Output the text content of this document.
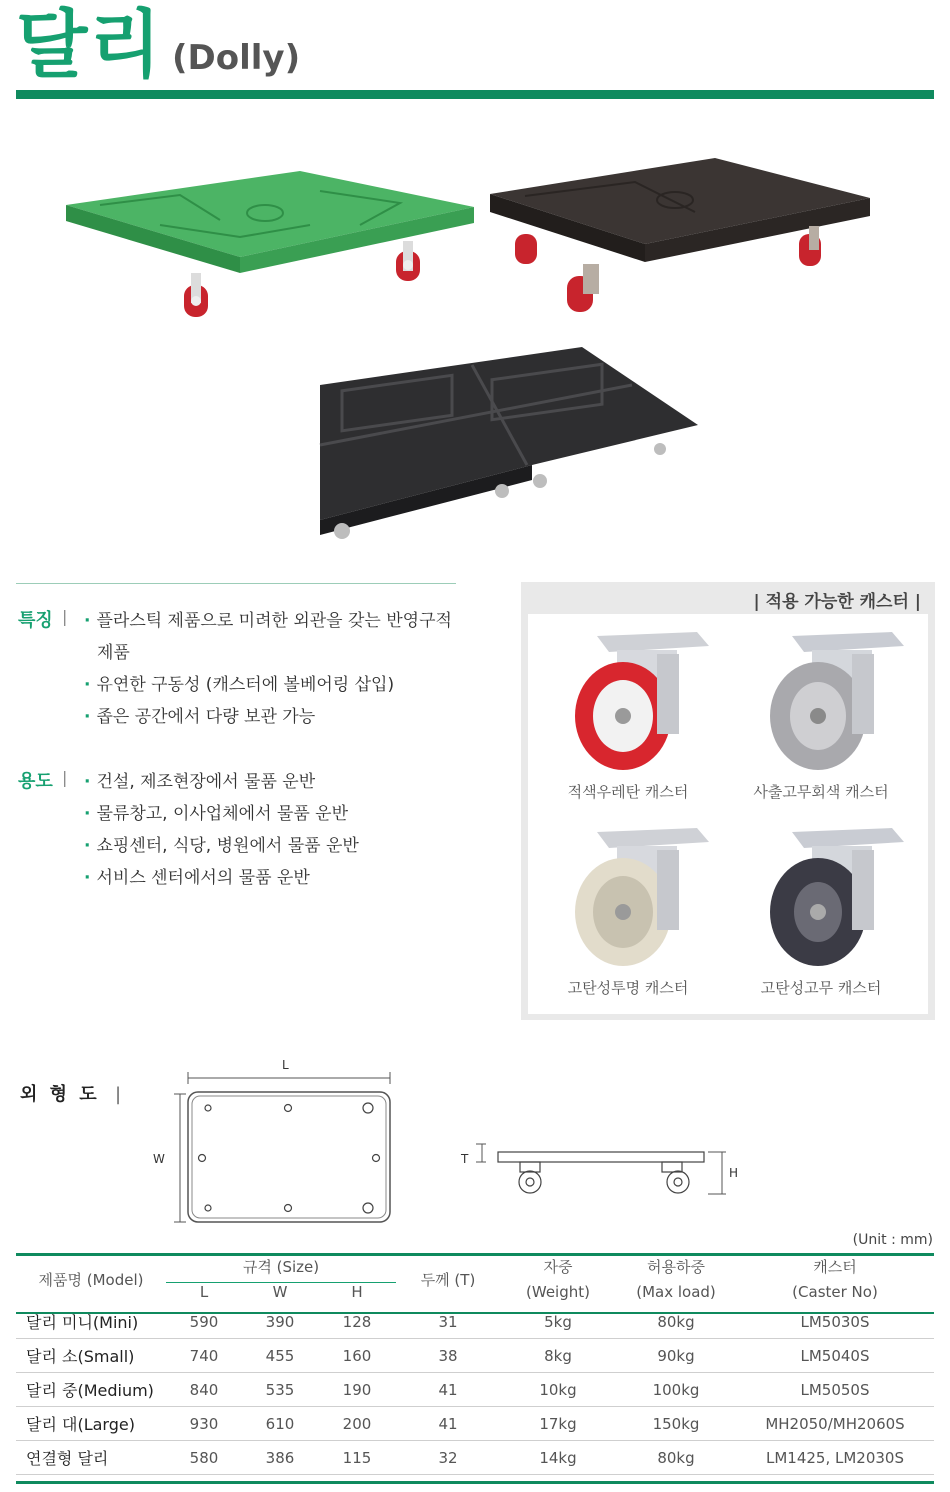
달리 (Dolly)
특징 | · 플라스틱 제품으로 미려한 외관을 갖는 반영구적
제품
· 유연한 구동성 (캐스터에 볼베어링 삽입)
· 좁은 공간에서 다량 보관 가능
용도 | · 건설, 제조현장에서 물품 운반
· 물류창고, 이사업체에서 물품 운반
· 쇼핑센터, 식당, 병원에서 물품 운반
· 서비스 센터에서의 물품 운반
| 적용 가능한 캐스터 |
적색우레탄 캐스터	사출고무회색 캐스터
고탄성투명 캐스터	고탄성고무 캐스터
외 형 도 |
L
W	T
H
(Unit : mm)
제품명 (Model)	규격 (Size)			두께 (T)	자중	허용하중	캐스터
	L	W	H		(Weight)	(Max load)	(Caster No)
달리 미니(Mini)	590	390	128	31	5kg	80kg	LM5030S
달리 소(Small)	740	455	160	38	8kg	90kg	LM5040S
달리 중(Medium)	840	535	190	41	10kg	100kg	LM5050S
달리 대(Large)	930	610	200	41	17kg	150kg	MH2050/MH2060S
연결형 달리	580	386	115	32	14kg	80kg	LM1425, LM2030S
